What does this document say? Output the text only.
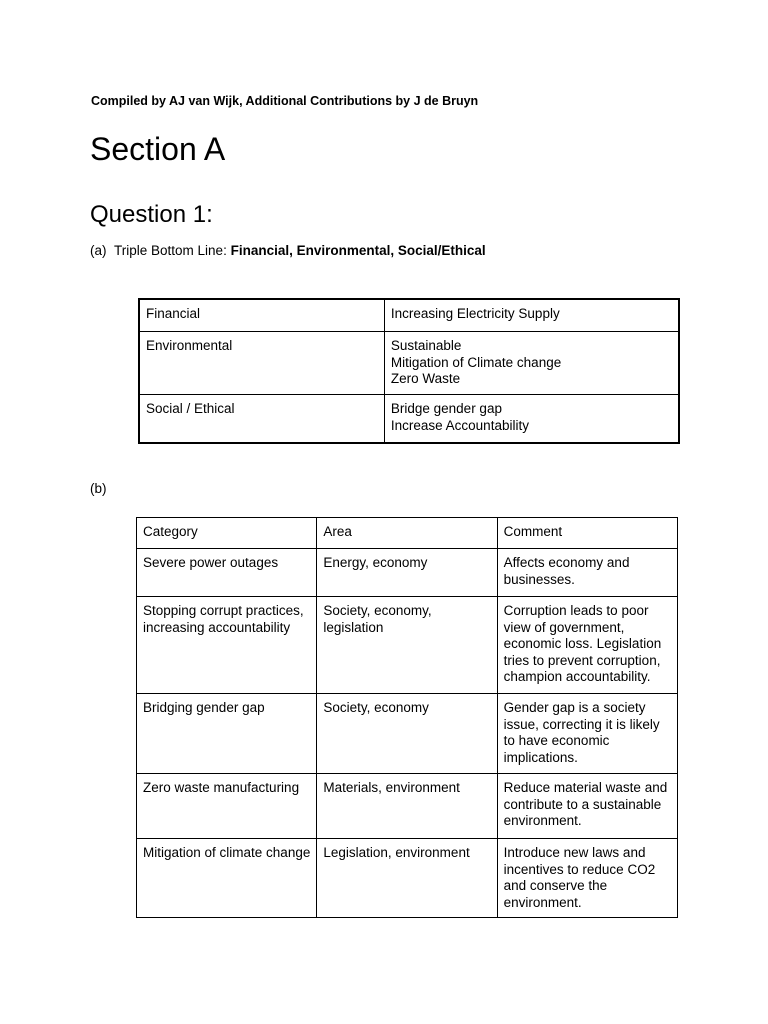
Compiled by AJ van Wijk, Additional Contributions by J de Bruyn
Section A
Question 1:
(a) Triple Bottom Line: Financial, Environmental, Social/Ethical
Financial	Increasing Electricity Supply

Environmental	Sustainable
Mitigation of Climate change
Zero Waste

Social / Ethical	Bridge gender gap
Increase Accountability
(b)
Category	Area	Comment
Severe power outages	Energy, economy	Affects economy and businesses.
Stopping corrupt practices, increasing accountability	Society, economy, legislation	Corruption leads to poor view of government, economic loss. Legislation tries to prevent corruption, champion accountability.
Bridging gender gap	Society, economy	Gender gap is a society issue, correcting it is likely to have economic implications.
Zero waste manufacturing	Materials, environment	Reduce material waste and contribute to a sustainable environment.
Mitigation of climate change	Legislation, environment	Introduce new laws and incentives to reduce CO2 and conserve the environment.
